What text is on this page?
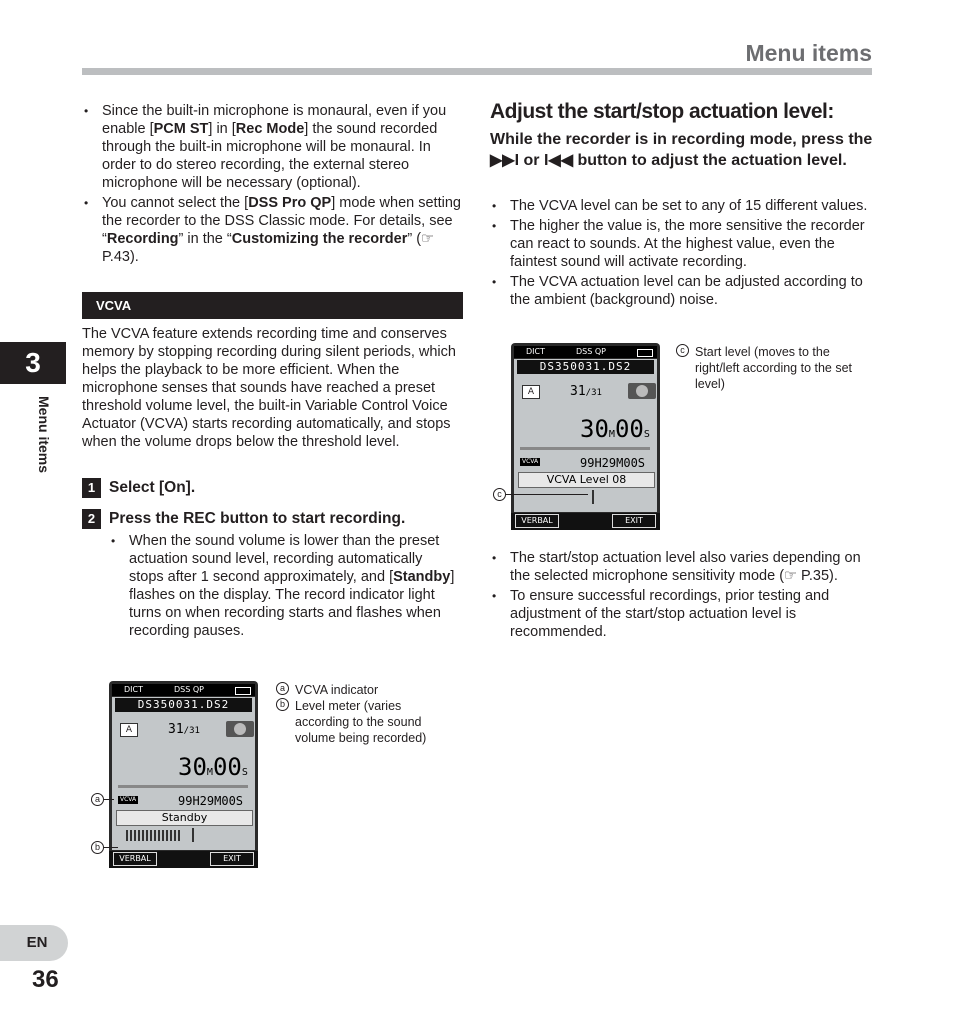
Menu items
3
Menu items
EN
36
• Since the built-in microphone is monaural, even if you enable [PCM ST] in [Rec Mode] the sound recorded through the built-in microphone will be monaural. In order to do stereo recording, the external stereo microphone will be necessary (optional).
• You cannot select the [DSS Pro QP] mode when setting the recorder to the DSS Classic mode. For details, see “Recording” in the “Customizing the recorder” (☞ P.43).
VCVA
The VCVA feature extends recording time and conserves memory by stopping recording during silent periods, which helps the playback to be more efficient. When the microphone senses that sounds have reached a preset threshold volume level, the built-in Variable Control Voice Actuator (VCVA) starts recording automatically, and stops when the volume drops below the threshold level.
1 Select [On].
2 Press the REC button to start recording.
• When the sound volume is lower than the preset actuation sound level, recording automatically stops after 1 second approximately, and [Standby] flashes on the display. The record indicator light turns on when recording starts and flashes when recording pauses.
DICT	DSS QP
DS350031.DS2
A	31/31
30M00S
VCVA	99H29M00S
Standby
VERBAL	EXIT
a
b
a VCVA indicator
b Level meter (varies according to the sound volume being recorded)
Adjust the start/stop actuation level:
While the recorder is in recording mode, press the ▶▶I or I◀◀ button to adjust the actuation level.
• The VCVA level can be set to any of 15 different values.
• The higher the value is, the more sensitive the recorder can react to sounds. At the highest value, even the faintest sound will activate recording.
• The VCVA actuation level can be adjusted according to the ambient (background) noise.
DICT	DSS QP
DS350031.DS2
A	31/31
30M00S
VCVA	99H29M00S
VCVA Level 08
VERBAL	EXIT
c
c Start level (moves to the right/left according to the set level)
• The start/stop actuation level also varies depending on the selected microphone sensitivity mode (☞ P.35).
• To ensure successful recordings, prior testing and adjustment of the start/stop actuation level is recommended.
